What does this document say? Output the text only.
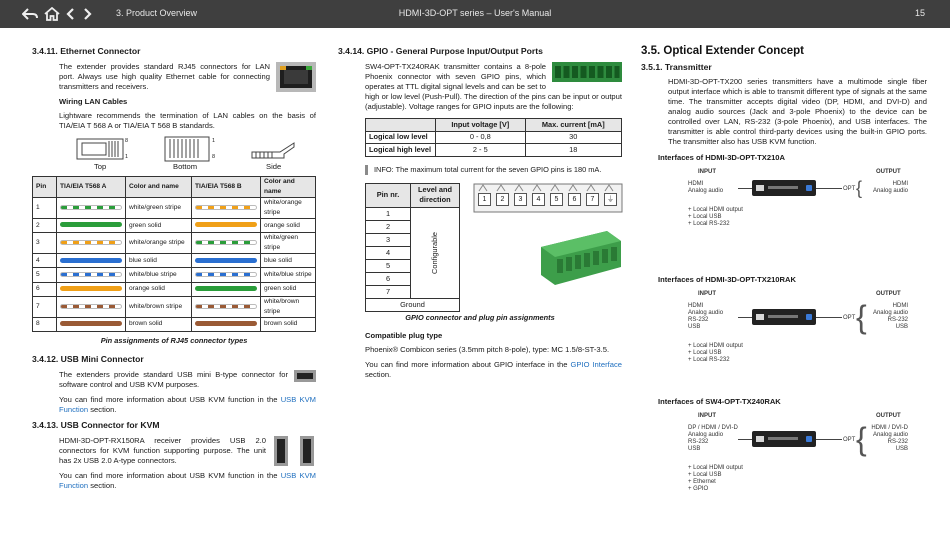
3. Product Overview	HDMI-3D-OPT series – User's Manual	15
3.4.11. Ethernet Connector
The extender provides standard RJ45 connectors for LAN port. Always use high quality Ethernet cable for connecting transmitters and receivers.
Wiring LAN Cables
Lightware recommends the termination of LAN cables on the basis of TIA/EIA T 568 A or TIA/EIA T 568 B standards.
8
1
Top
1
8
Bottom	Side
Pin	TIA/EIA T568 A	Color and name	TIA/EIA T568 B	Color and name
1		white/green stripe		white/orange stripe
2		green solid		orange solid
3		white/orange stripe		white/green stripe
4		blue solid		blue solid
5		white/blue stripe		white/blue stripe
6		orange solid		green solid
7		white/brown stripe		white/brown stripe
8		brown solid		brown solid
Pin assignments of RJ45 connector types
3.4.12. USB Mini Connector
The extenders provide standard USB mini B-type connector for software control and USB KVM purposes.
You can find more information about USB KVM function in the USB KVM Function section.
3.4.13. USB Connector for KVM
HDMI-3D-OPT-RX150RA receiver provides USB 2.0 connectors for KVM function supporting purpose. The unit has 2x USB 2.0 A-type connectors.
You can find more information about USB KVM function in the USB KVM Function section.
3.4.14. GPIO - General Purpose Input/Output Ports
SW4-OPT-TX240RAK transmitter contains a 8-pole Phoenix connector with seven GPIO pins, which operates at TTL digital signal levels and can be set to high or low level (Push-Pull). The direction of the pins can be input or output (adjustable). Voltage ranges for GPIO inputs are the following:
	Input voltage [V]	Max. current [mA]
Logical low level	0 - 0,8	30
Logical high level	2 - 5	18
INFO: The maximum total current for the seven GPIO pins is 180 mA.
Pin nr.	Level and direction
1	Configurable

2	
3	
4	
5	
6	
7	
Ground	
1	2	3	4	5	6	7	⏚
GPIO connector and plug pin assignments
Compatible plug type
Phoenix® Combicon series (3.5mm pitch 8-pole), type: MC 1.5/8-ST-3.5.
You can find more information about GPIO interface in the GPIO Interface section.
3.5. Optical Extender Concept
3.5.1. Transmitter
HDMI-3D-OPT-TX200 series transmitters have a multimode single fiber output interface which is able to transmit different type of signals at the same time. The transmitter accepts digital video (DP, HDMI, and DVI-D) and analog audio sources (Jack and 3-pole Phoenix) to the device can be controlled over LAN, RS-232 (3-pole Phoenix), and USB interfaces. The transmitter is able control third-party devices using the built-in GPIO ports. The transmitter also has USB KVM function.
Interfaces of HDMI-3D-OPT-TX210A
INPUT	OUTPUT
HDMI
Analog audio	OPT {	HDMI
Analog audio
+ Local HDMI output
+ Local USB
+ Local RS-232
Interfaces of HDMI-3D-OPT-TX210RAK
INPUT	OUTPUT
HDMI
Analog audio
RS-232
USB
OPT {	HDMI
Analog audio
RS-232
USB
+ Local HDMI output
+ Local USB
+ Local RS-232
Interfaces of SW4-OPT-TX240RAK
INPUT	OUTPUT
DP / HDMI / DVI-D
Analog audio
RS-232
USB
OPT { HDMI / DVI-D
Analog audio
RS-232
USB
+ Local HDMI output
+ Local USB
+ Ethernet
+ GPIO
